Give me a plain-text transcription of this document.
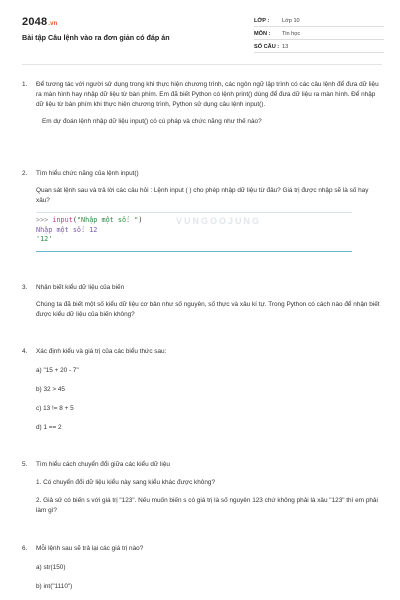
2048.vn
Bài tập Câu lệnh vào ra đơn giản có đáp án
LỚP :	Lớp 10
MÔN :	Tin học
SỐ CÂU : 13
1. Để tương tác với người sử dụng trong khi thực hiện chương trình, các ngôn ngữ lập trình có các câu lệnh để đưa dữ liệu ra màn hình hay nhập dữ liệu từ bàn phím. Em đã biết Python có lệnh print() dùng để đưa dữ liệu ra màn hình. Để nhập dữ liệu từ bàn phím khi thực hiện chương trình, Python sử dụng câu lệnh input().
Em dự đoán lệnh nhập dữ liệu input() có cú pháp và chức năng như thế nào?
2. Tìm hiểu chức năng của lệnh input()
Quan sát lệnh sau và trả lời các câu hỏi : Lệnh input ( ) cho phép nhập dữ liệu từ đâu? Giá trị được nhập sẽ là số hay xâu?
VUNGOOJUNG
>>> input("Nhập một số: ")
Nhập một số: 12
'12'
3. Nhận biết kiểu dữ liệu của biến
Chúng ta đã biết một số kiểu dữ liệu cơ bản như số nguyên, số thực và xâu kí tự. Trong Python có cách nào để nhận biết được kiểu dữ liệu của biến không?
4. Xác định kiểu và giá trị của các biểu thức sau:
a) "15 + 20 - 7"
b) 32 > 45
c) 13 != 8 + 5
d) 1 == 2
5. Tìm hiểu cách chuyển đổi giữa các kiểu dữ liệu
1. Có chuyển đổi dữ liệu kiểu này sang kiểu khác được không?
2. Giả sử có biến s với giá trị "123". Nếu muốn biến s có giá trị là số nguyên 123 chứ không phải là xâu "123" thì em phải làm gì?
6. Mỗi lệnh sau sẽ trả lại các giá trị nào?
a) str(150)
b) int("1110")
